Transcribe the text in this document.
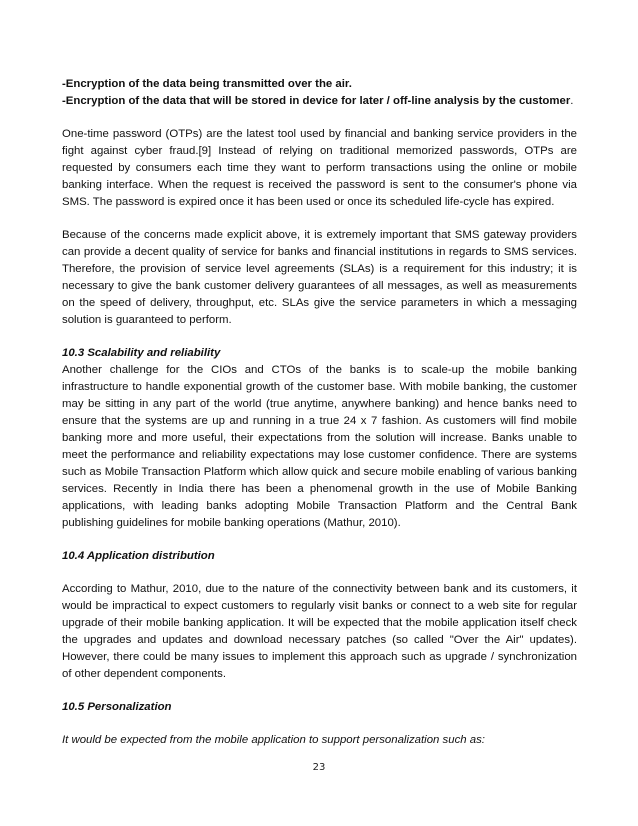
-Encryption of the data being transmitted over the air.

-Encryption of the data that will be stored in device for later / off-line analysis by the customer.

One-time password (OTPs) are the latest tool used by financial and banking service providers in the fight against cyber fraud.[9] Instead of relying on traditional memorized passwords, OTPs are requested by consumers each time they want to perform transactions using the online or mobile banking interface. When the request is received the password is sent to the consumer's phone via SMS. The password is expired once it has been used or once its scheduled life-cycle has expired.

Because of the concerns made explicit above, it is extremely important that SMS gateway providers can provide a decent quality of service for banks and financial institutions in regards to SMS services. Therefore, the provision of service level agreements (SLAs) is a requirement for this industry; it is necessary to give the bank customer delivery guarantees of all messages, as well as measurements on the speed of delivery, throughput, etc. SLAs give the service parameters in which a messaging solution is guaranteed to perform.

10.3 Scalability and reliability

Another challenge for the CIOs and CTOs of the banks is to scale-up the mobile banking infrastructure to handle exponential growth of the customer base. With mobile banking, the customer may be sitting in any part of the world (true anytime, anywhere banking) and hence banks need to ensure that the systems are up and running in a true 24 x 7 fashion. As customers will find mobile banking more and more useful, their expectations from the solution will increase. Banks unable to meet the performance and reliability expectations may lose customer confidence. There are systems such as Mobile Transaction Platform which allow quick and secure mobile enabling of various banking services. Recently in India there has been a phenomenal growth in the use of Mobile Banking applications, with leading banks adopting Mobile Transaction Platform and the Central Bank publishing guidelines for mobile banking operations (Mathur, 2010).

10.4 Application distribution

According to Mathur, 2010, due to the nature of the connectivity between bank and its customers, it would be impractical to expect customers to regularly visit banks or connect to a web site for regular upgrade of their mobile banking application. It will be expected that the mobile application itself check the upgrades and updates and download necessary patches (so called "Over the Air" updates). However, there could be many issues to implement this approach such as upgrade / synchronization of other dependent components.

10.5 Personalization

It would be expected from the mobile application to support personalization such as:

23
